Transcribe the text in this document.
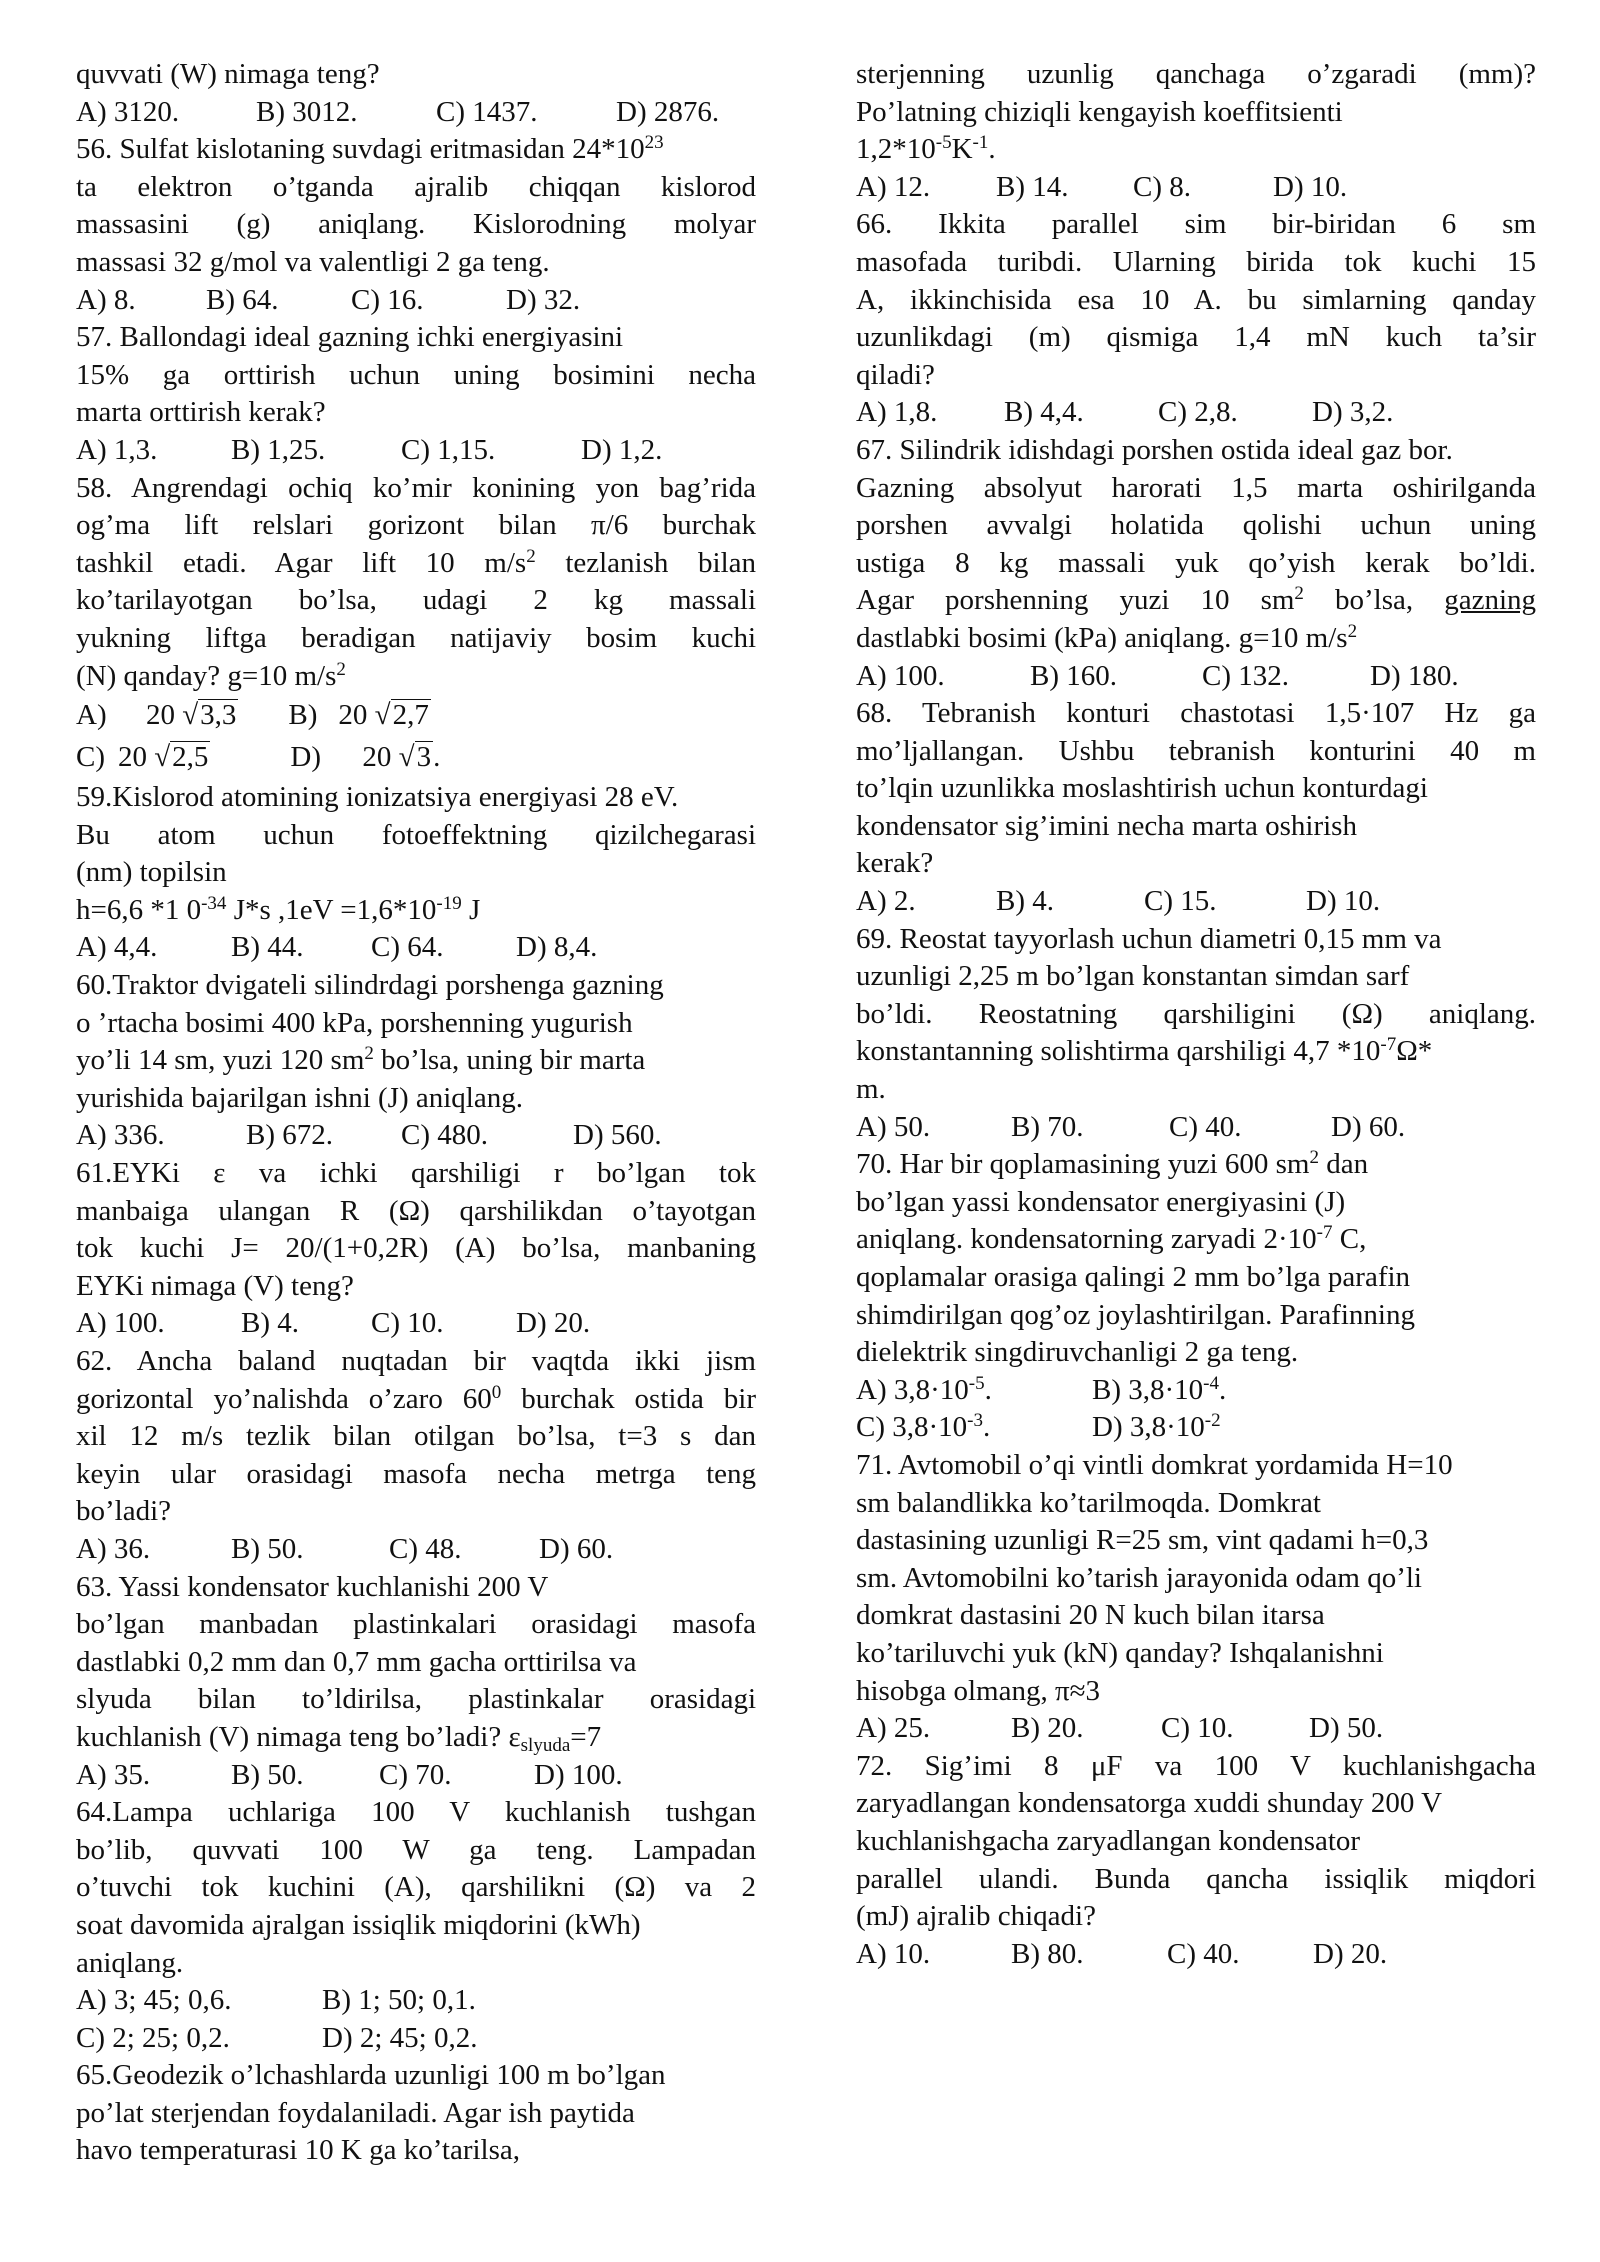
quvvati (W) nimaga teng?
A) 3120.	B) 3012.	C) 1437.	D) 2876.
56. Sulfat kislotaning suvdagi eritmasidan $24*10^{23}$
ta elektron o’tganda ajralib chiqqan kislorod
massasini (g) aniqlang. Kislorodning molyar
massasi 32 g/mol va valentligi 2 ga teng.
A) 8. B) 64.	C) 16.	D) 32.
57. Ballondagi ideal gazning ichki energiyasini
15% ga orttirish uchun uning bosimini necha
marta orttirish kerak?
A) 1,3.	B) 1,25.	C) 1,15.	D) 1,2.
58. Angrendagi ochiq ko’mir konining yon bag’rida
og’ma lift relslari gorizont bilan π/6 burchak
tashkil etadi. Agar lift 10 $m/s^2$ tezlanish bilan
ko’tarilayotgan bo’lsa, udagi 2 kg massali
yukning liftga beradigan natijaviy bosim kuchi
(N) qanday? g=10 $m/s^2$
A) 20 √3,3 B) 20 √2,7
C) 20 √2,5	D) 20 √3.
59.Kislorod atomining ionizatsiya energiyasi 28 eV.
Bu atom uchun fotoeffektning qizilchegarasi
(nm) topilsin
h=6,6 *1 $0^{-34}$ J*s $,1eV =1,6*10^{-19}$ J
A) 4,4.	B) 44. C) 64.	D) 8,4.
60.Traktor dvigateli silindrdagi porshenga gazning
o ’rtacha bosimi 400 kPa, porshenning yugurish
yo’li 14 sm, yuzi 120 $sm^2$ bo’lsa, uning bir marta
yurishida bajarilgan ishni (J) aniqlang.
A) 336.	B) 672. C) 480.	D) 560.
61.EYKi ε va ichki qarshiligi r bo’lgan tok
manbaiga ulangan R (Ω) qarshilikdan o’tayotgan
tok kuchi J= 20/(1+0,2R) (A) bo’lsa, manbaning
EYKi nimaga (V) teng?
A) 100.	B) 4. C) 10.	D) 20.
62. Ancha baland nuqtadan bir vaqtda ikki jism
gorizontal yo’nalishda o’zaro $60^0$ burchak ostida bir
xil 12 m/s tezlik bilan otilgan bo’lsa, t=3 s dan
keyin ular orasidagi masofa necha metrga teng
bo’ladi?
A) 36.	B) 50.	C) 48.	D) 60.
63. Yassi kondensator kuchlanishi 200 V
bo’lgan manbadan plastinkalari orasidagi masofa
dastlabki 0,2 mm dan 0,7 mm gacha orttirilsa va
slyuda bilan to’ldirilsa, plastinkalar orasidagi
kuchlanish (V) nimaga teng bo’ladi? $\varepsilon_{slyuda}=7$
A) 35.	B) 50.	C) 70.	D) 100.
64.Lampa uchlariga 100 V kuchlanish tushgan
bo’lib, quvvati 100 W ga teng. Lampadan
o’tuvchi tok kuchini (A), qarshilikni (Ω) va 2
soat davomida ajralgan issiqlik miqdorini (kWh)
aniqlang.
A) 3; 45; 0,6.	B) 1; 50; 0,1.
C) 2; 25; 0,2.	D) 2; 45; 0,2.
65.Geodezik o’lchashlarda uzunligi 100 m bo’lgan
po’lat sterjendan foydalaniladi. Agar ish paytida
havo temperaturasi 10 K ga ko’tarilsa,
sterjenning uzunlig qanchaga o’zgaradi (mm)?
Po’latning chiziqli kengayish koeffitsienti
$1,2*10^{-5}K^{-1}$.
A) 12. B) 14. C) 8.	D) 10.
66. Ikkita parallel sim bir-biridan 6 sm
masofada turibdi. Ularning birida tok kuchi 15
A, ikkinchisida esa 10 A. bu simlarning qanday
uzunlikdagi (m) qismiga 1,4 mN kuch ta’sir
qiladi?
A) 1,8. B) 4,4.	C) 2,8.	D) 3,2.
67. Silindrik idishdagi porshen ostida ideal gaz bor.
Gazning absolyut harorati 1,5 marta oshirilganda
porshen avvalgi holatida qolishi uchun uning
ustiga 8 kg massali yuk qo’yish kerak bo’ldi.
Agar porshenning yuzi 10 $sm^2$ bo’lsa, gazning
dastlabki bosimi (kPa) aniqlang. g=10 $m/s^2$
A) 100.	B) 160.	C) 132.	D) 180.
68. Tebranish konturi chastotasi 1,5·107 Hz ga
mo’ljallangan. Ushbu tebranish konturini 40 m
to’lqin uzunlikka moslashtirish uchun konturdagi
kondensator sig’imini necha marta oshirish
kerak?
A) 2.	B) 4.	C) 15.	D) 10.
69. Reostat tayyorlash uchun diametri 0,15 mm va
uzunligi 2,25 m bo’lgan konstantan simdan sarf
bo’ldi. Reostatning qarshiligini (Ω) aniqlang.
konstantanning solishtirma qarshiligi 4,7 $*10^{-7}\Omega*$
m.
A) 50.	B) 70.	C) 40.	D) 60.
70. Har bir qoplamasining yuzi 600 $sm^2$ dan
bo’lgan yassi kondensator energiyasini (J)
aniqlang. kondensatorning zaryadi $2\cdot 10^{-7}$ C,
qoplamalar orasiga qalingi 2 mm bo’lga parafin
shimdirilgan qog’oz joylashtirilgan. Parafinning
dielektrik singdiruvchanligi 2 ga teng.
A) $3,8\cdot 10^{-5}$.	B) $3,8\cdot 10^{-4}$.
C) $3,8\cdot 10^{-3}$.	D) $3,8\cdot 10^{-2}$
71. Avtomobil o’qi vintli domkrat yordamida H=10
sm balandlikka ko’tarilmoqda. Domkrat
dastasining uzunligi R=25 sm, vint qadami h=0,3
sm. Avtomobilni ko’tarish jarayonida odam qo’li
domkrat dastasini 20 N kuch bilan itarsa
ko’tariluvchi yuk (kN) qanday? Ishqalanishni
hisobga olmang, π≈3
A) 25.	B) 20.	C) 10.	D) 50.
72. Sig’imi 8 μF va 100 V kuchlanishgacha
zaryadlangan kondensatorga xuddi shunday 200 V
kuchlanishgacha zaryadlangan kondensator
parallel ulandi. Bunda qancha issiqlik miqdori
(mJ) ajralib chiqadi?
A) 10.	B) 80.	C) 40.	D) 20.
